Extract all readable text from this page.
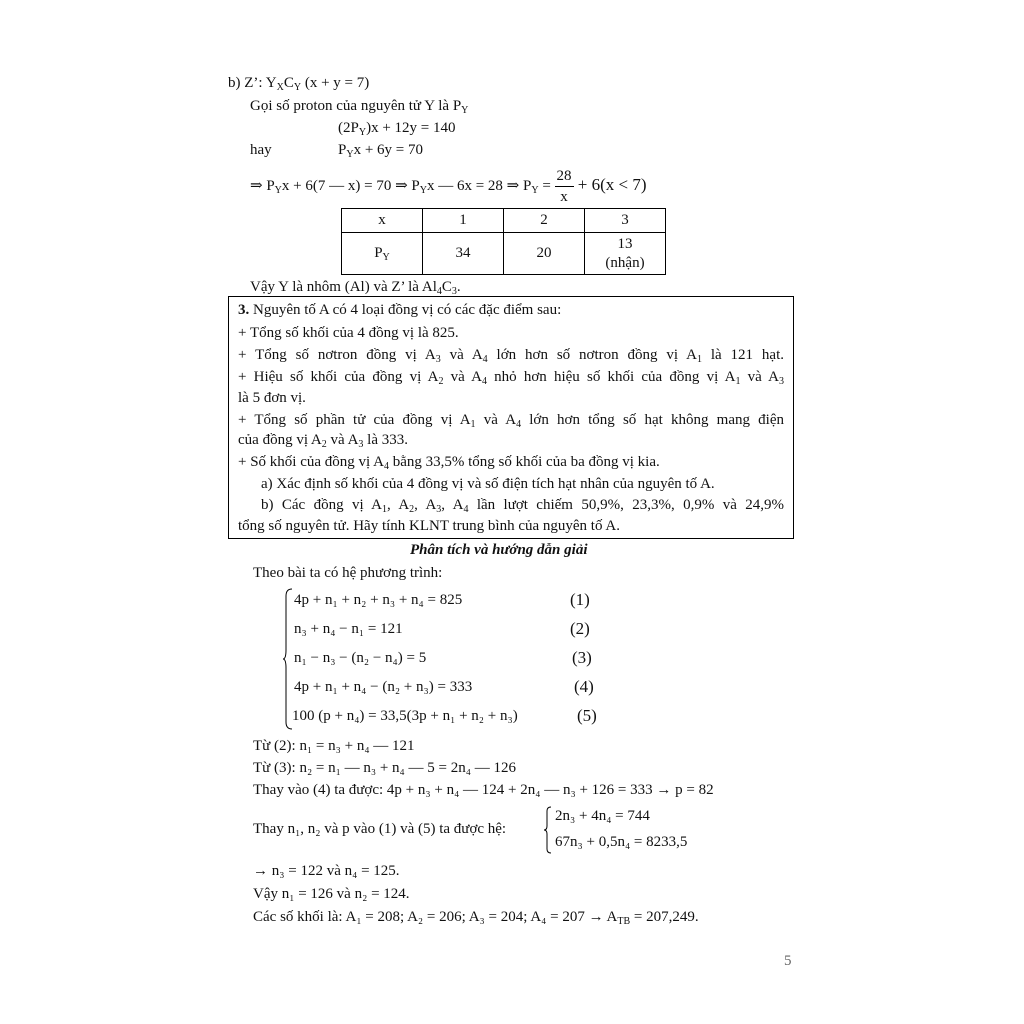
b) Z’: $Y_XC_Y$ (x + y = 7)
Gọi số proton của nguyên tử Y là $P_Y$
$(2P_Y)x + 12y = 140$
hay	$P_Yx + 6y = 70$
⇒ $P_Yx + 6(7$ — x) = 70 ⇒ $P_Yx$ — 6x = 28 ⇒ $P_Y = \frac{28}{x} + 6(x < 7)$
x	1	2	3
$P_Y$	34	20	13
(nhận)
Vậy Y là nhôm (Al) và Z’ là $Al_4C_3$.
3. Nguyên tố A có 4 loại đồng vị có các đặc điểm sau:
+ Tổng số khối của 4 đồng vị là 825.
+ Tổng số nơtron đồng vị $A_3$ và $A_4$ lớn hơn số nơtron đồng vị $A_1$ là 121 hạt.
+ Hiệu số khối của đồng vị $A_2$ và $A_4$ nhỏ hơn hiệu số khối của đồng vị $A_1$ và $A_3$
là 5 đơn vị.
+ Tổng số phần tử của đồng vị $A_1$ và $A_4$ lớn hơn tổng số hạt không mang điện
của đồng vị $A_2$ và $A_3$ là 333.
+ Số khối của đồng vị $A_4$ bằng 33,5% tổng số khối của ba đồng vị kia.
a) Xác định số khối của 4 đồng vị và số điện tích hạt nhân của nguyên tố A.
b) Các đồng vị $A_1$, $A_2$, $A_3$, $A_4$ lần lượt chiếm 50,9%, 23,3%, 0,9% và 24,9%
tổng số nguyên tử. Hãy tính KLNT trung bình của nguyên tố A.
Phân tích và hướng dẫn giải
Theo bài ta có hệ phương trình:
4p + n₁ + n₂ + n₃ + n₄ = 825	(1)
n₃ + n₄ − n₁ = 121	(2)
n₁ − n₃ − (n₂ − n₄) = 5	(3)
4p + n₁ + n₄ − (n₂ + n₃) = 333	(4)
100 (p + n₄) = 33,5(3p + n₁ + n₂ + n₃)	(5)
Từ (2): n₁ = n₃ + n₄ — 121
Từ (3): n₂ = n₁ — n₃ + n₄ — 5 = 2n₄ — 126
Thay vào (4) ta được: 4p + n₃ + n₄ — 124 + 2n₄ — n₃ + 126 = 333 → p = 82
Thay n₁, n₂ và p vào (1) và (5) ta được hệ:
2n₃ + 4n₄ = 744
67n₃ + 0,5n₄ = 8233,5
→ n₃ = 122 và n₄ = 125.
Vậy n₁ = 126 và n₂ = 124.
Các số khối là: A₁ = 208; A₂ = 206; A₃ = 204; $A_4 = 207 \to A_{TB} = 207,249$.
5
